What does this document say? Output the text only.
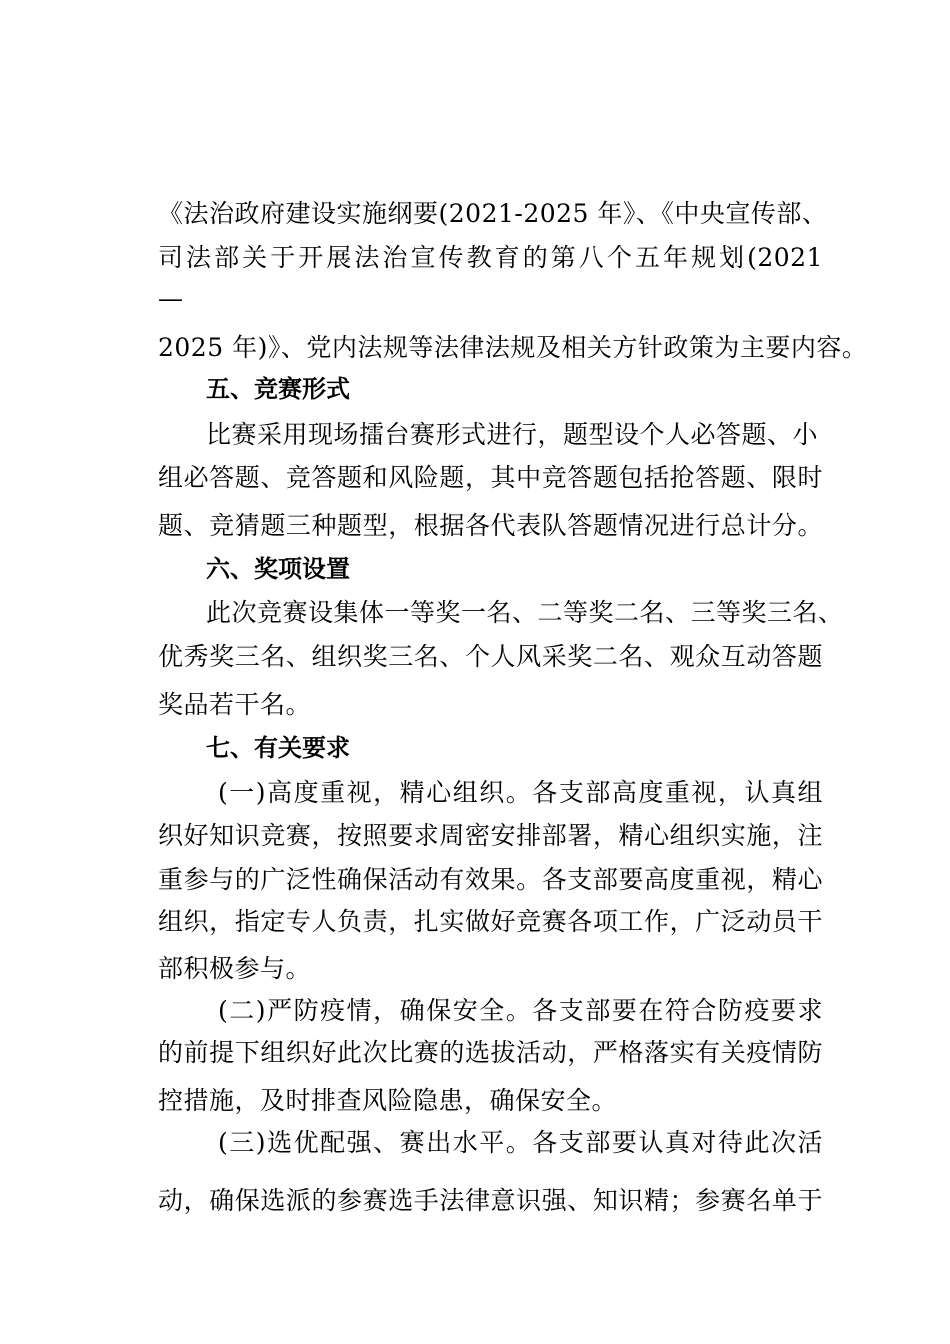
《法治政府建设实施纲要(2021-2025 年》、《中央宣传部、
司法部关于开展法治宣传教育的第八个五年规划(2021
—
2025 年)》、党内法规等法律法规及相关方针政策为主要内容。
五、竞赛形式
比赛采用现场擂台赛形式进行，题型设个人必答题、小
组必答题、竞答题和风险题，其中竞答题包括抢答题、限时
题、竞猜题三种题型，根据各代表队答题情况进行总计分。
六、奖项设置
此次竞赛设集体一等奖一名、二等奖二名、三等奖三名、
优秀奖三名、组织奖三名、个人风采奖二名、观众互动答题
奖品若干名。
七、有关要求
(一)高度重视，精心组织。各支部高度重视，认真组
织好知识竞赛，按照要求周密安排部署，精心组织实施，注
重参与的广泛性确保活动有效果。各支部要高度重视，精心
组织，指定专人负责，扎实做好竞赛各项工作，广泛动员干
部积极参与。
(二)严防疫情，确保安全。各支部要在符合防疫要求
的前提下组织好此次比赛的选拔活动，严格落实有关疫情防
控措施，及时排查风险隐患，确保安全。
(三)选优配强、赛出水平。各支部要认真对待此次活
动，确保选派的参赛选手法律意识强、知识精；参赛名单于
